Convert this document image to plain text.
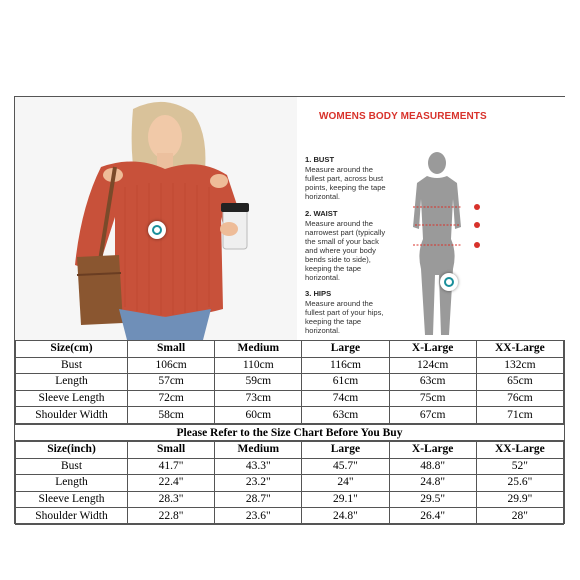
WOMENS BODY MEASUREMENTS
1. BUST
Measure around the fullest part, across bust points, keeping the tape horizontal.
2. WAIST
Measure around the narrowest part (typically the small of your back and where your body bends side to side), keeping the tape horizontal.
3. HIPS
Measure around the fullest part of your hips, keeping the tape horizontal.
Size(cm)	Small	Medium	Large	X-Large	XX-Large
Bust	106cm	110cm	116cm	124cm	132cm
Length	57cm	59cm	61cm	63cm	65cm
Sleeve Length	72cm	73cm	74cm	75cm	76cm
Shoulder Width	58cm	60cm	63cm	67cm	71cm
Please Refer to the Size Chart Before You Buy
Size(inch)	Small	Medium	Large	X-Large	XX-Large
Bust	41.7"	43.3"	45.7"	48.8"	52"
Length	22.4"	23.2"	24"	24.8"	25.6"
Sleeve Length	28.3"	28.7"	29.1"	29.5"	29.9"
Shoulder Width	22.8"	23.6"	24.8"	26.4"	28"
